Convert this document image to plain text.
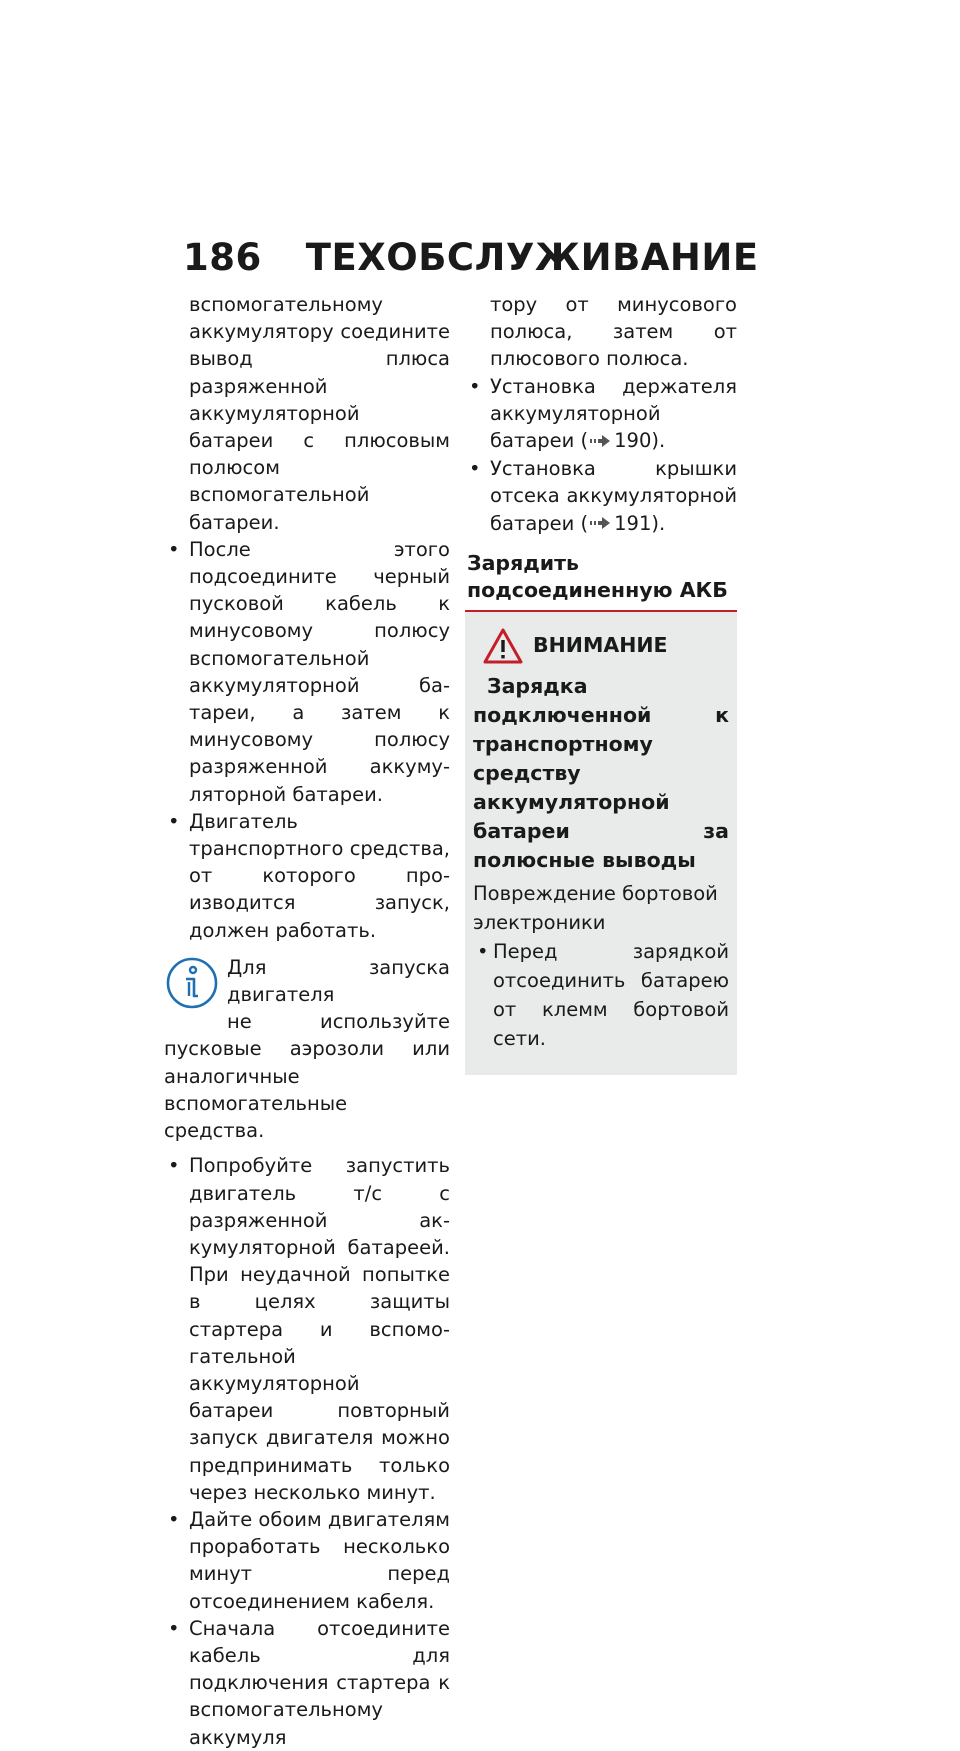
186 ТЕХОБСЛУЖИВАНИЕ

вспомогательному аккумулятору соедините вывод плюса разряженной аккумуляторной батареи с плюсовым полюсом вспомогательной батареи.

• После этого подсоедините черный пусковой кабель к минусовому полюсу вспомогательной аккумуляторной батареи, а затем к минусовому полюсу разряженной аккумуляторной батареи.

• Двигатель транспортного средства, от которого производится запуск, должен работать.

Для запуска двигателя
не используйте пусковые аэрозоли или аналогичные вспомогательные средства.

• Попробуйте запустить двигатель т/с с разряженной аккумуляторной батареей. При неудачной попытке в целях защиты стартера и вспомогательной аккумуляторной батареи повторный запуск двигателя можно предпринимать только через несколько минут.

• Дайте обоим двигателям проработать несколько минут перед отсоединением кабеля.

• Сначала отсоедините кабель для подключения стартера к вспомогательному аккумуля

тору от минусового полюса, затем от плюсового полюса.

• Установка держателя аккумуляторной батареи ( 190).

• Установка крышки отсека аккумуляторной батареи ( 191).

Зарядить подсоединенную АКБ
ВНИМАНИЕ

Зарядка подключенной к транспортному средству аккумуляторной батареи за полюсные выводы

Повреждение бортовой электроники

• Перед зарядкой отсоединить батарею от клемм бортовой сети.
